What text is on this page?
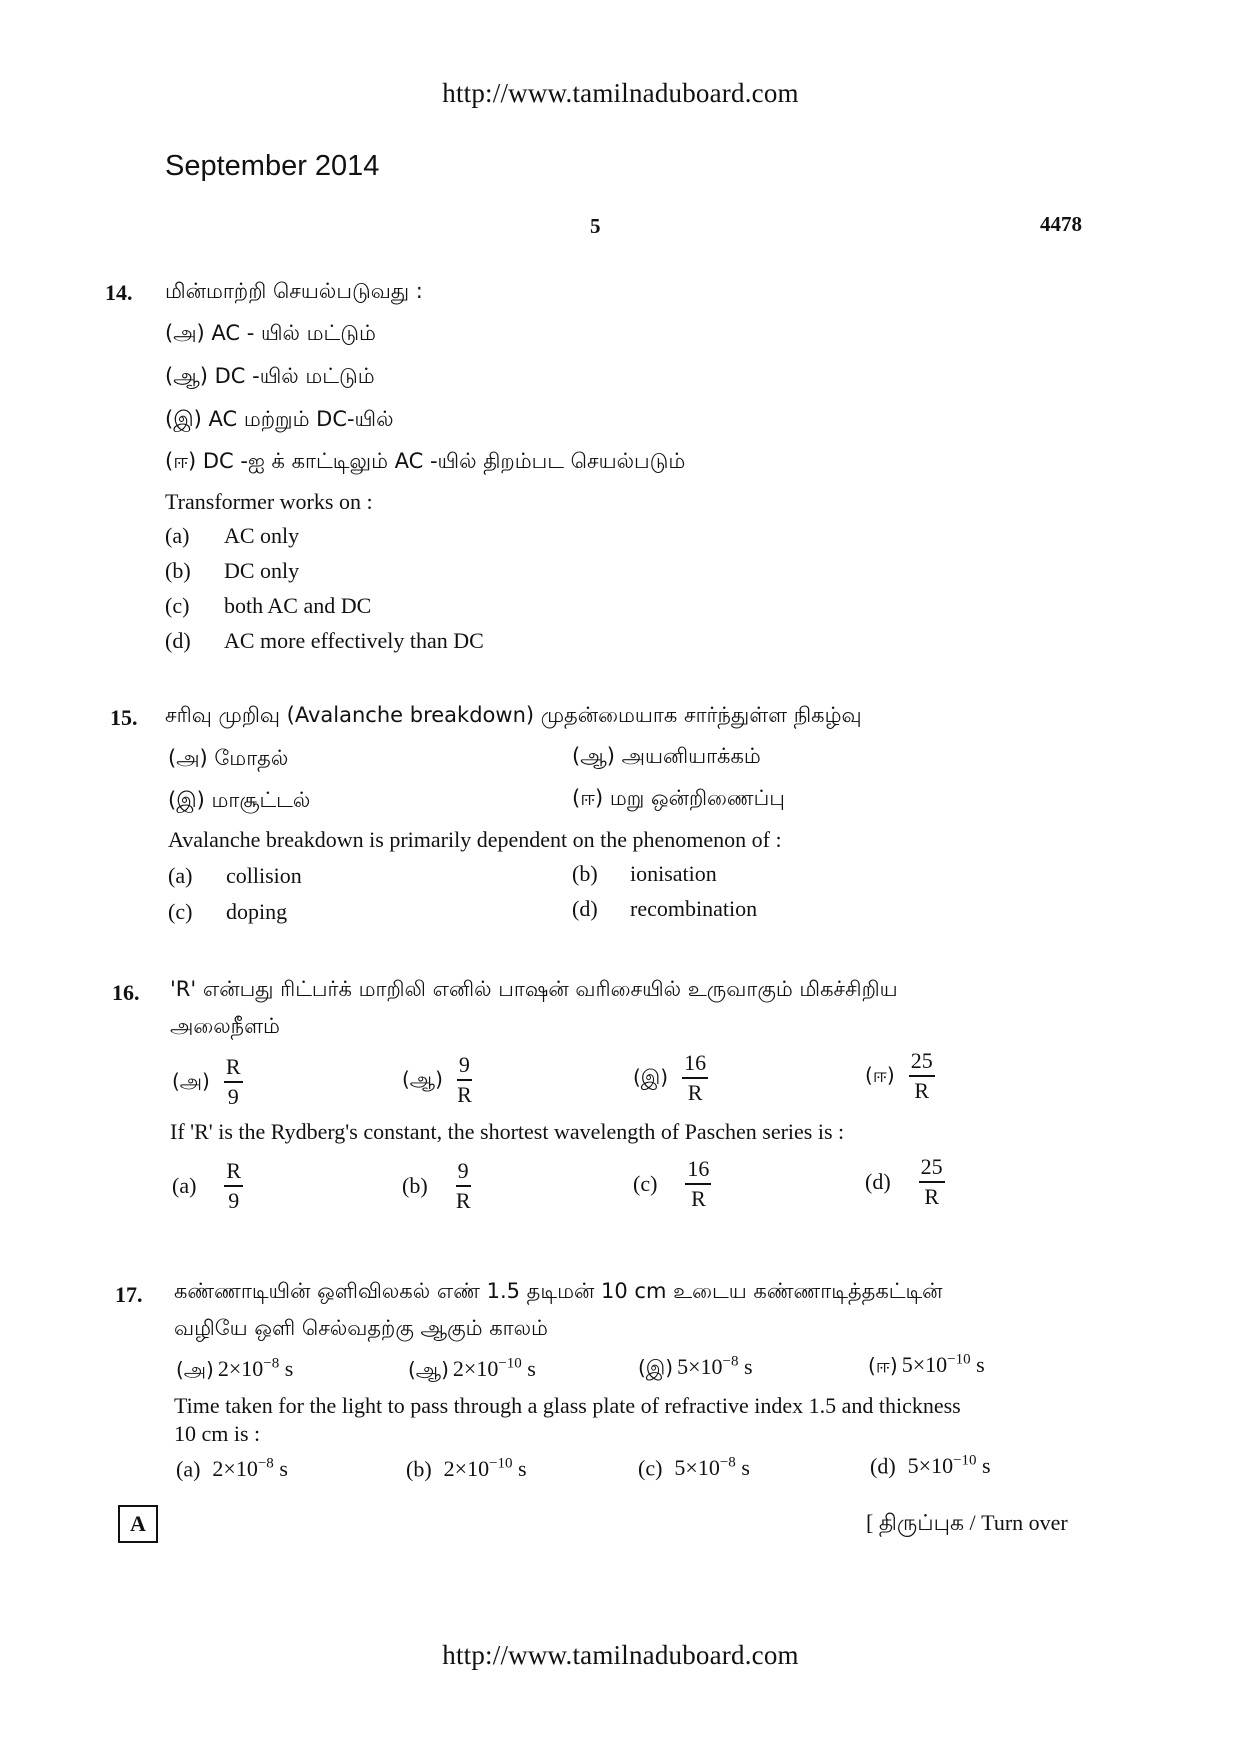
http://www.tamilnaduboard.com
September 2014
5	4478
14. மின்மாற்றி செயல்படுவது :
(அ) AC - யில் மட்டும்
(ஆ) DC -யில் மட்டும்
(இ) AC மற்றும் DC-யில்
(ஈ) DC -ஐ க் காட்டிலும் AC -யில் திறம்பட செயல்படும்
Transformer works on :
(a) AC only
(b) DC only
(c) both AC and DC
(d) AC more effectively than DC
15. சரிவு முறிவு (Avalanche breakdown) முதன்மையாக சார்ந்துள்ள நிகழ்வு
(அ) மோதல்	(ஆ) அயனியாக்கம்
(இ) மாசூட்டல்	(ஈ) மறு ஒன்றிணைப்பு
Avalanche breakdown is primarily dependent on the phenomenon of :
(a) collision	(b) ionisation
(c) doping	(d) recombination
16. 'R' என்பது ரிட்பர்க் மாறிலி எனில் பாஷன் வரிசையில் உருவாகும் மிகச்சிறிய
அலைநீளம்
(அ) $\frac{R}{9}$	(ஆ) $\frac{9}{R}$	(இ) $\frac{16}{R}$	(ஈ) $\frac{25}{R}$
If 'R' is the Rydberg's constant, the shortest wavelength of Paschen series is :
$(a) \frac{R}{9}$	$(b) \frac{9}{R}$	$(c) \frac{16}{R}$	$(d) \frac{25}{R}$
17. கண்ணாடியின் ஒளிவிலகல் எண் 1.5 தடிமன் 10 cm உடைய கண்ணாடித்தகட்டின்
வழியே ஒளி செல்வதற்கு ஆகும் காலம்
(அ) $2\times 10^{-8}$ s	(ஆ) $2\times 10^{-10}$ s	(இ) $5\times 10^{-8}$ s	(ஈ) $5\times 10^{-10}$ s
Time taken for the light to pass through a glass plate of refractive index 1.5 and thickness
10 cm is :
(a) $2\times 10^{-8}$ s	(b) $2\times 10^{-10}$ s	(c) $5\times 10^{-8}$ s	(d) $5\times 10^{-10}$ s
A	[ திருப்புக / Turn over
http://www.tamilnaduboard.com
